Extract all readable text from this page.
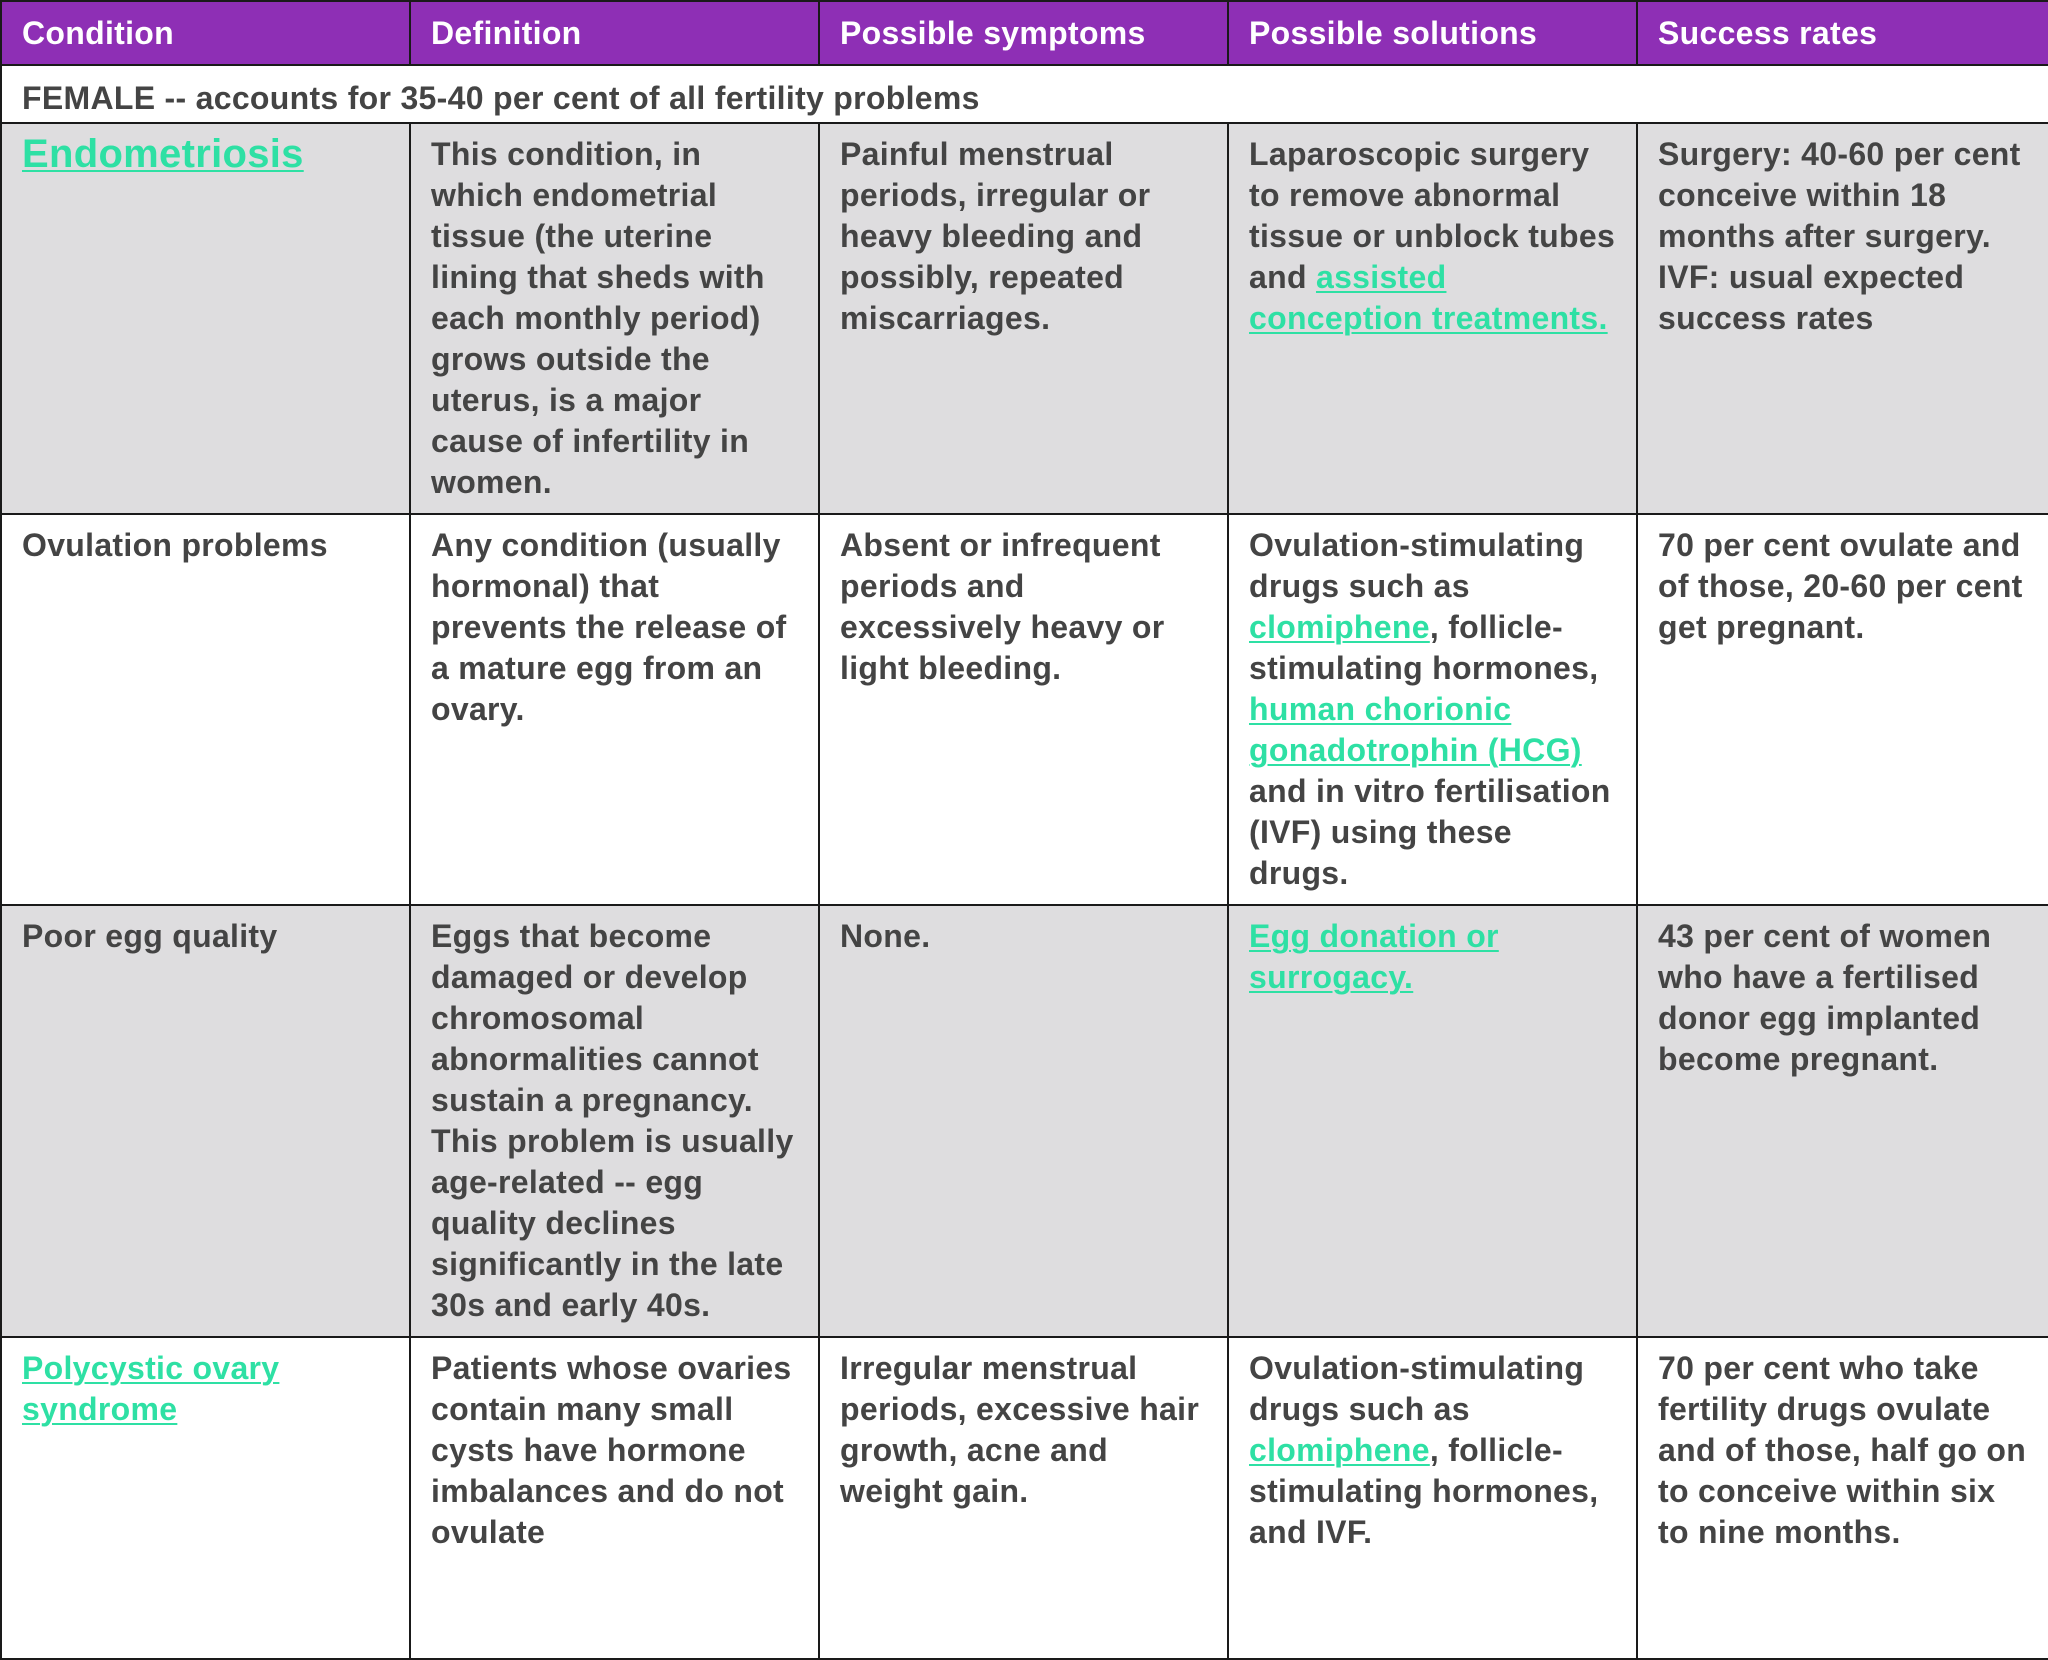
Condition	Definition	Possible symptoms	Possible solutions	Success rates
FEMALE -- accounts for 35-40 per cent of all fertility problems				
Endometriosis	This condition, in which endometrial tissue (the uterine lining that sheds with each monthly period) grows outside the uterus, is a major cause of infertility in women.	Painful menstrual periods, irregular or heavy bleeding and possibly, repeated miscarriages.	Laparoscopic surgery to remove abnormal tissue or unblock tubes and assisted conception treatments.	Surgery: 40-60 per cent conceive within 18 months after surgery. IVF: usual expected success rates
Ovulation problems	Any condition (usually hormonal) that prevents the release of a mature egg from an ovary.	Absent or infrequent periods and excessively heavy or light bleeding.	Ovulation-stimulating drugs such as clomiphene, follicle-stimulating hormones, human chorionic gonadotrophin (HCG) and in vitro fertilisation (IVF) using these drugs.	70 per cent ovulate and of those, 20-60 per cent get pregnant.
Poor egg quality	Eggs that become damaged or develop chromosomal abnormalities cannot sustain a pregnancy. This problem is usually age-related -- egg quality declines significantly in the late 30s and early 40s.	None.	Egg donation or surrogacy.	43 per cent of women who have a fertilised donor egg implanted become pregnant.
Polycystic ovary syndrome	Patients whose ovaries contain many small cysts have hormone imbalances and do not ovulate	Irregular menstrual periods, excessive hair growth, acne and weight gain.	Ovulation-stimulating drugs such as clomiphene, follicle-stimulating hormones, and IVF.	70 per cent who take fertility drugs ovulate and of those, half go on to conceive within six to nine months.
